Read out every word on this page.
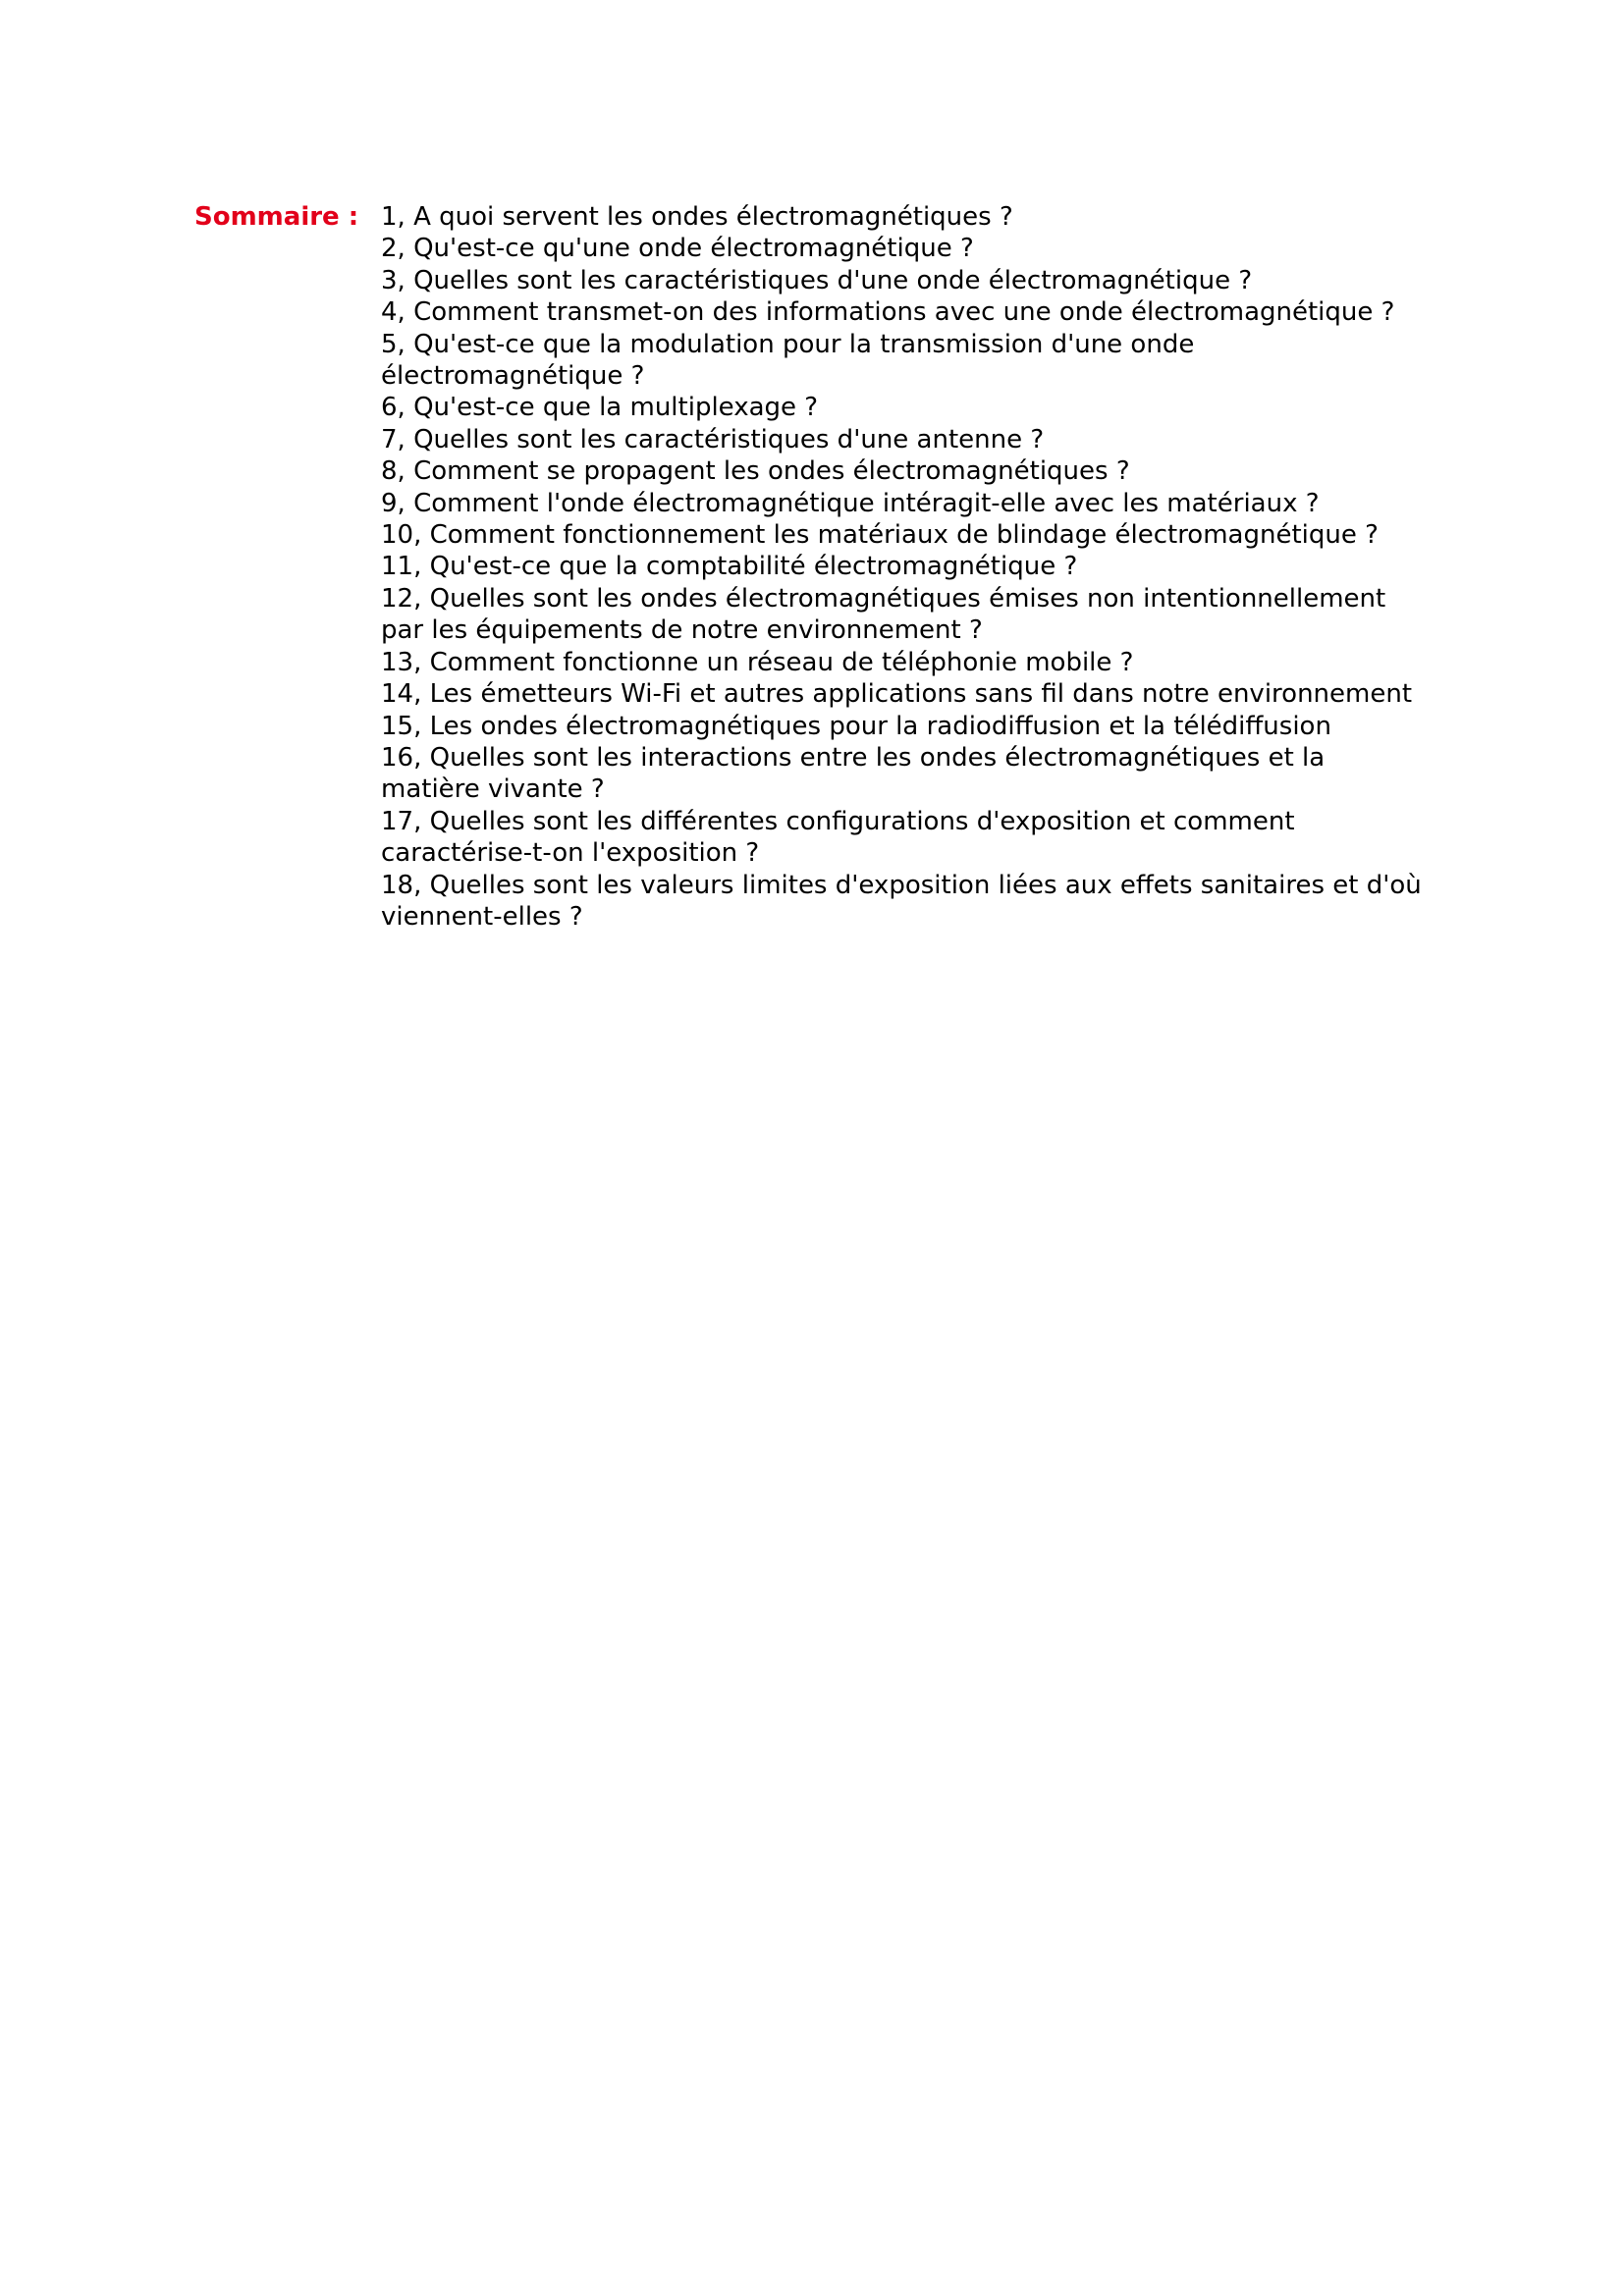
Sommaire : 1, A quoi servent les ondes électromagnétiques ?
2, Qu'est-ce qu'une onde électromagnétique ?
3, Quelles sont les caractéristiques d'une onde électromagnétique ?
4, Comment transmet-on des informations avec une onde électromagnétique ?
5, Qu'est-ce que la modulation pour la transmission d'une onde électromagnétique ?
6, Qu'est-ce que la multiplexage ?
7, Quelles sont les caractéristiques d'une antenne ?
8, Comment se propagent les ondes électromagnétiques ?
9, Comment l'onde électromagnétique intéragit-elle avec les matériaux ?
10, Comment fonctionnement les matériaux de blindage électromagnétique ?
11, Qu'est-ce que la comptabilité électromagnétique ?
12, Quelles sont les ondes électromagnétiques émises non intentionnellement par les équipements de notre environnement ?
13, Comment fonctionne un réseau de téléphonie mobile ?
14, Les émetteurs Wi-Fi et autres applications sans fil dans notre environnement
15, Les ondes électromagnétiques pour la radiodiffusion et la télédiffusion
16, Quelles sont les interactions entre les ondes électromagnétiques et la matière vivante ?
17, Quelles sont les différentes configurations d'exposition et comment caractérise-t-on l'exposition ?
18, Quelles sont les valeurs limites d'exposition liées aux effets sanitaires et d'où viennent-elles ?
